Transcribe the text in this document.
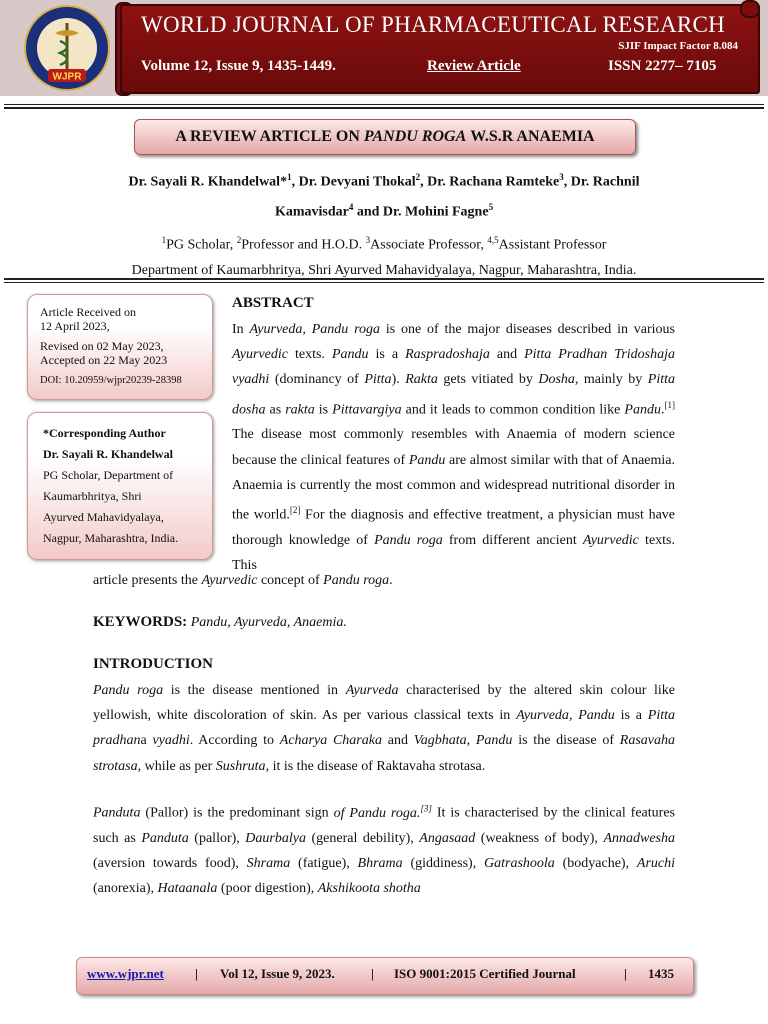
WJPR
WORLD JOURNAL OF PHARMACEUTICAL RESEARCH
SJIF Impact Factor 8.084
Volume 12, Issue 9, 1435-1449.	Review Article	ISSN 2277– 7105
A REVIEW ARTICLE ON PANDU ROGA W.S.R ANAEMIA
Dr. Sayali R. Khandelwal*$^1$, Dr. Devyani Thokal$^2$, Dr. Rachana Ramteke$^3$, Dr. Rachnil
Kamavisdar$^4$ and Dr. Mohini Fagne$^5$
$^1$PG Scholar, $^2$Professor and H.O.D. $^3$Associate Professor, $^{4,5}$Assistant Professor
Department of Kaumarbhritya, Shri Ayurved Mahavidyalaya, Nagpur, Maharashtra, India.
Article Received on
12 April 2023,
Revised on 02 May 2023,
Accepted on 22 May 2023
DOI: 10.20959/wjpr20239-28398
*Corresponding Author
Dr. Sayali R. Khandelwal
PG Scholar, Department of
Kaumarbhritya, Shri
Ayurved Mahavidyalaya,
Nagpur, Maharashtra, India.
ABSTRACT
In Ayurveda, Pandu roga is one of the major diseases described in various Ayurvedic texts. Pandu is a Raspradoshaja and Pitta Pradhan Tridoshaja vyadhi (dominancy of Pitta). Rakta gets vitiated by Dosha, mainly by Pitta dosha as rakta is Pittavargiya and it leads to common condition like Pandu.[1] The disease most commonly resembles with Anaemia of modern science because the clinical features of Pandu are almost similar with that of Anaemia. Anaemia is currently the most common and widespread nutritional disorder in the world.[2] For the diagnosis and effective treatment, a physician must have thorough knowledge of Pandu roga from different ancient Ayurvedic texts. This
article presents the Ayurvedic concept of Pandu roga.
KEYWORDS: Pandu, Ayurveda, Anaemia.
INTRODUCTION
Pandu roga is the disease mentioned in Ayurveda characterised by the altered skin colour like yellowish, white discoloration of skin. As per various classical texts in Ayurveda, Pandu is a Pitta pradhana vyadhi. According to Acharya Charaka and Vagbhata, Pandu is the disease of Rasavaha strotasa, while as per Sushruta, it is the disease of Raktavaha strotasa.
Panduta (Pallor) is the predominant sign of Pandu roga.[3] It is characterised by the clinical features such as Panduta (pallor), Daurbalya (general debility), Angasaad (weakness of body), Annadwesha (aversion towards food), Shrama (fatigue), Bhrama (giddiness), Gatrashoola (bodyache), Aruchi (anorexia), Hataanala (poor digestion), Akshikoota shotha
www.wjpr.net | Vol 12, Issue 9, 2023.	| ISO 9001:2015 Certified Journal	| 1435
